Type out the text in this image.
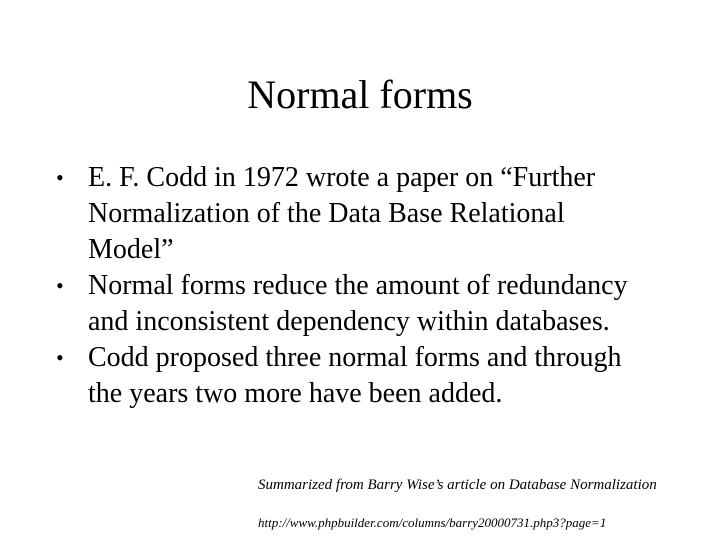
Normal forms
• E. F. Codd in 1972 wrote a paper on “Further Normalization of the Data Base Relational Model”
• Normal forms reduce the amount of redundancy and inconsistent dependency within databases.
• Codd proposed three normal forms and through the years two more have been added.
Summarized from Barry Wise’s article on Database Normalization
http://www.phpbuilder.com/columns/barry20000731.php3?page=1
